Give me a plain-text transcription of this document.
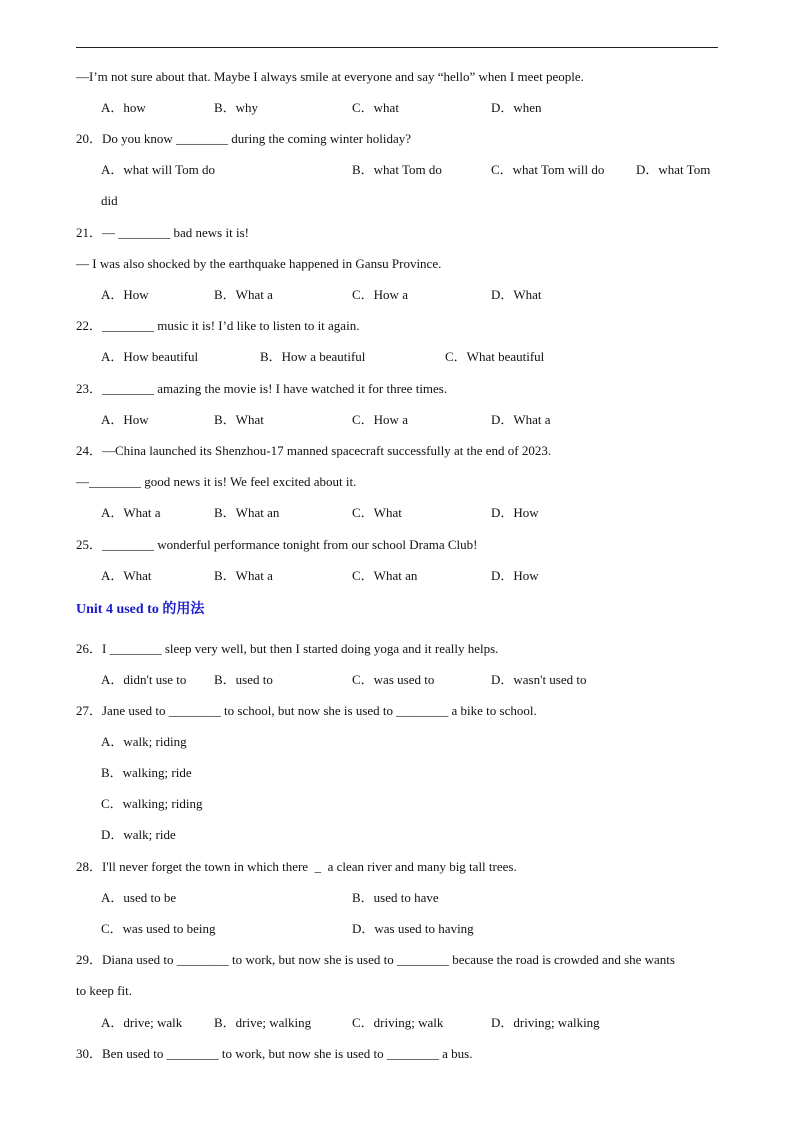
—I’m not sure about that. Maybe I always smile at everyone and say “hello” when I meet people.
A．how	B．why	C．what	D．when
20．Do you know ________ during the coming winter holiday?
A．what will Tom do	B．what Tom do	C．what Tom will do D．what Tom
did
21．— ________ bad news it is!
— I was also shocked by the earthquake happened in Gansu Province.
A．How	B．What a	C．How a	D．What
22．________ music it is! I’d like to listen to it again.
A．How beautiful	B．How a beautiful	C．What beautiful
23．________ amazing the movie is! I have watched it for three times.
A．How	B．What	C．How a	D．What a
24．—China launched its Shenzhou-17 manned spacecraft successfully at the end of 2023.
—________ good news it is! We feel excited about it.
A．What a	B．What an	C．What	D．How
25．________ wonderful performance tonight from our school Drama Club!
A．What	B．What a	C．What an	D．How
Unit 4 used to 的用法
26．I ________ sleep very well, but then I started doing yoga and it really helps.
A．didn't use to B．used to	C．was used to	D．wasn't used to
27．Jane used to ________ to school, but now she is used to ________ a bike to school.
A．walk; riding
B．walking; ride
C．walking; riding
D．walk; ride
28．I'll never forget the town in which there  _  a clean river and many big tall trees.
A．used to be	B．used to have
C．was used to being	D．was used to having
29．Diana used to ________ to work, but now she is used to ________ because the road is crowded and she wants
to keep fit.
A．drive; walk B．drive; walking	C．driving; walk	D．driving; walking
30．Ben used to ________ to work, but now she is used to ________ a bus.
